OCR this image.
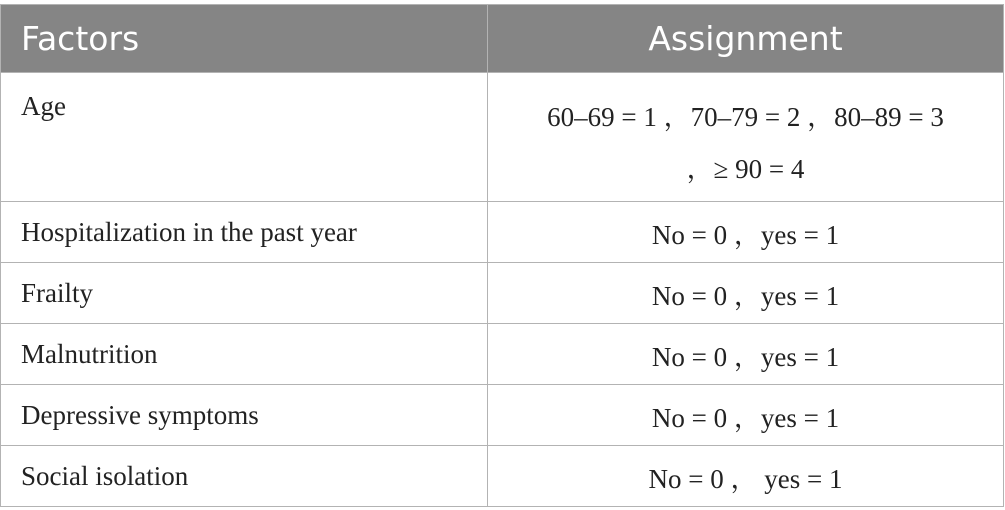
Factors	Assignment
Age	60–69 = 1 ，70–79 = 2 ，80–89 = 3
，≥ 90 = 4

Hospitalization in the past year	No = 0 ，yes = 1
Frailty	No = 0 ，yes = 1
Malnutrition	No = 0 ，yes = 1
Depressive symptoms	No = 0 ，yes = 1
Social isolation	No = 0 ， yes = 1
